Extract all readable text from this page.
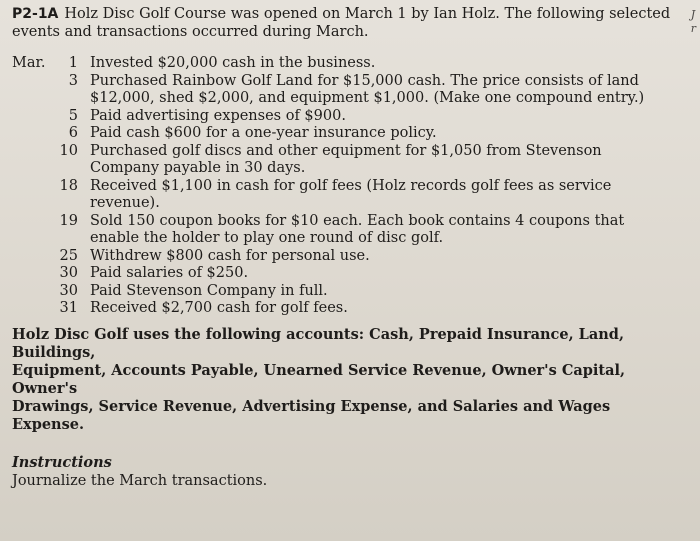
J
r
P2-1A Holz Disc Golf Course was opened on March 1 by Ian Holz. The following selected
events and transactions occurred during March.
Mar.	1 Invested $20,000 cash in the business.
3 Purchased Rainbow Golf Land for $15,000 cash. The price consists of land
$12,000, shed $2,000, and equipment $1,000. (Make one compound entry.)
5 Paid advertising expenses of $900.
6 Paid cash $600 for a one-year insurance policy.
10 Purchased golf discs and other equipment for $1,050 from Stevenson
Company payable in 30 days.
18 Received $1,100 in cash for golf fees (Holz records golf fees as service revenue).
19 Sold 150 coupon books for $10 each. Each book contains 4 coupons that
enable the holder to play one round of disc golf.
25 Withdrew $800 cash for personal use.
30 Paid salaries of $250.
30 Paid Stevenson Company in full.
31 Received $2,700 cash for golf fees.
Holz Disc Golf uses the following accounts: Cash, Prepaid Insurance, Land, Buildings,
Equipment, Accounts Payable, Unearned Service Revenue, Owner's Capital, Owner's
Drawings, Service Revenue, Advertising Expense, and Salaries and Wages Expense.
Instructions
Journalize the March transactions.
